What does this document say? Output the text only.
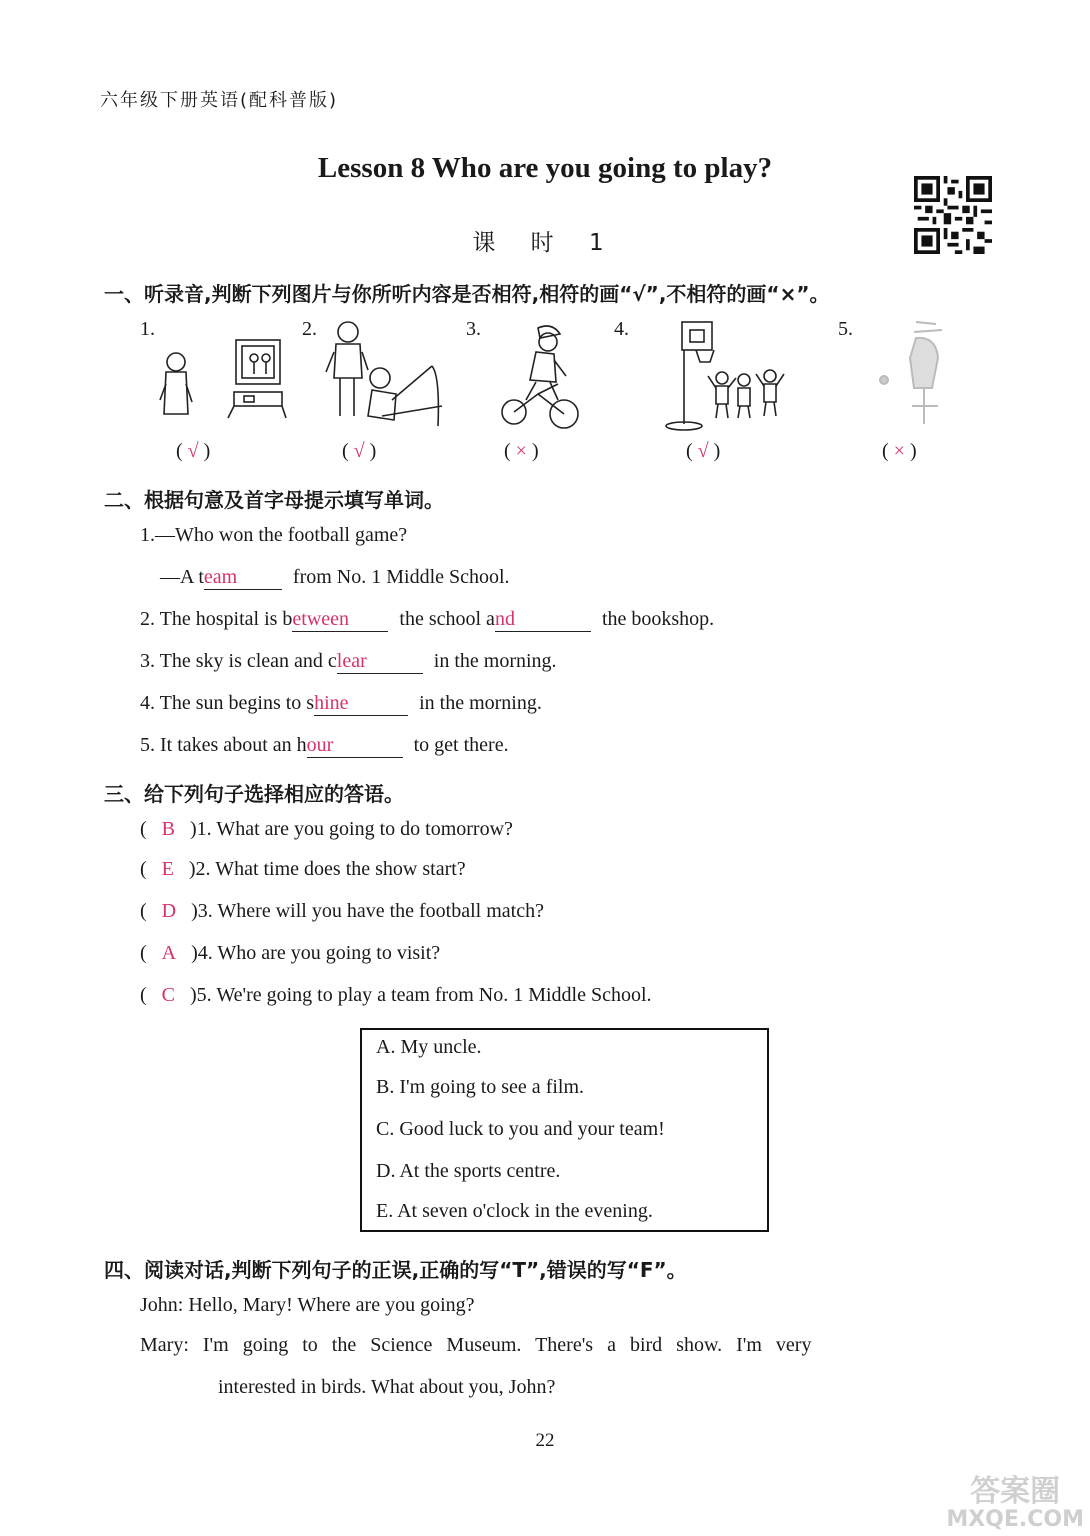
六年级下册英语(配科普版)
Lesson 8 Who are you going to play?
课 时 1
一、听录音,判断下列图片与你所听内容是否相符,相符的画“√”,不相符的画“×”。
1.	2.	3.	4.	5.
( √ )	( √ )	( × )	( √ )	( × )
二、根据句意及首字母提示填写单词。
1.—Who won the football game?
—A team	from No. 1 Middle School.
2. The hospital is between	the school and	the bookshop.
3. The sky is clean and clear	in the morning.
4. The sun begins to shine	in the morning.
5. It takes about an hour	to get there.
三、给下列句子选择相应的答语。
(   B )1. What are you going to do tomorrow?
(   E )2. What time does the show start?
(   D )3. Where will you have the football match?
(   A )4. Who are you going to visit?
(   C )5. We're going to play a team from No. 1 Middle School.
A. My uncle.
B. I'm going to see a film.
C. Good luck to you and your team!
D. At the sports centre.
E. At seven o'clock in the evening.
四、阅读对话,判断下列句子的正误,正确的写“T”,错误的写“F”。
John: Hello, Mary! Where are you going?
Mary: I'm going to the Science Museum. There's a bird show. I'm very
interested in birds. What about you, John?
22
答案圈
MXQE.COM
